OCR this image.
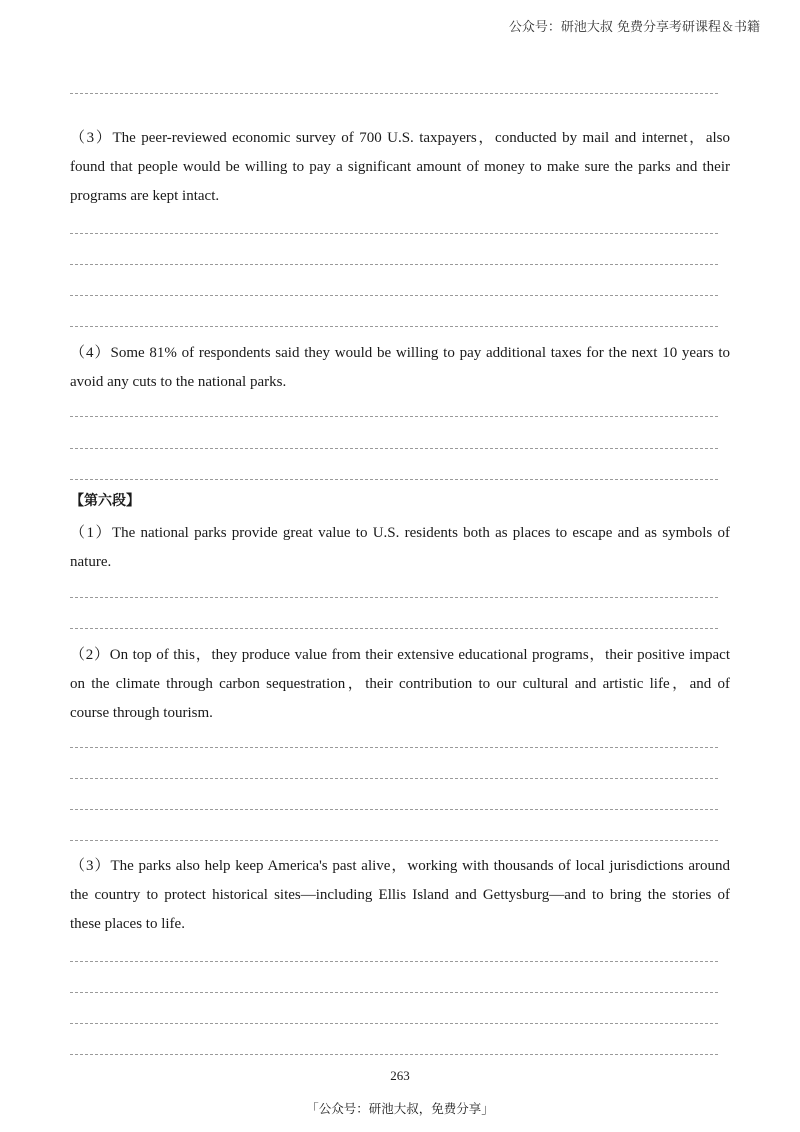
公众号：研池大叔 免费分享考研课程＆书籍
（3）The peer-reviewed economic survey of 700 U.S. taxpayers，conducted by mail and internet，also found that people would be willing to pay a significant amount of money to make sure the parks and their programs are kept intact.
（4）Some 81% of respondents said they would be willing to pay additional taxes for the next 10 years to avoid any cuts to the national parks.
【第六段】
（1）The national parks provide great value to U.S. residents both as places to escape and as symbols of nature.
（2）On top of this，they produce value from their extensive educational programs，their positive impact on the climate through carbon sequestration，their contribution to our cultural and artistic life，and of course through tourism.
（3）The parks also help keep America's past alive，working with thousands of local jurisdictions around the country to protect historical sites—including Ellis Island and Gettysburg—and to bring the stories of these places to life.
263
「公众号：研池大叔，免费分享」
